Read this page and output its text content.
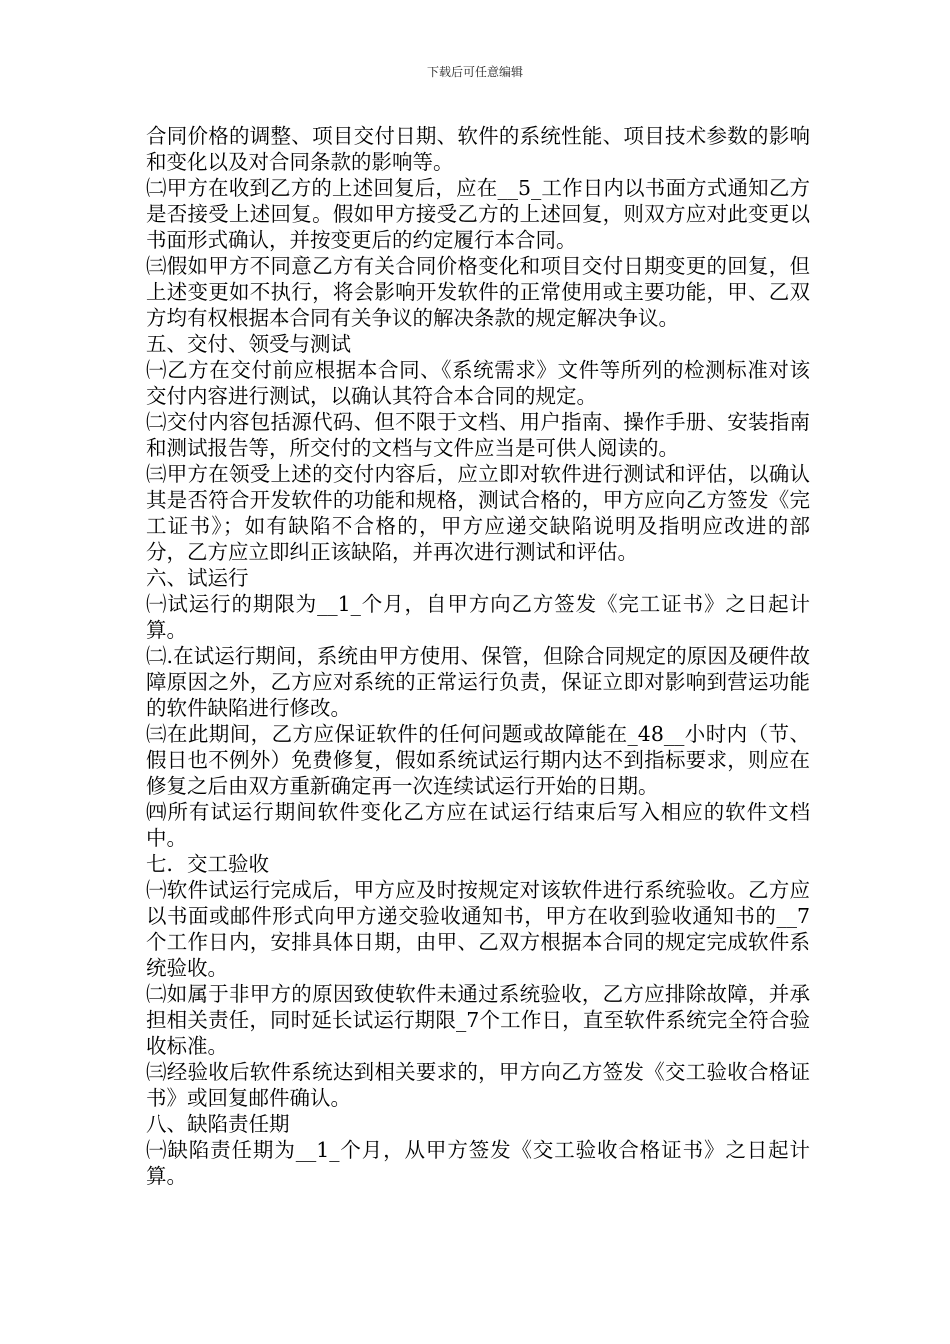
下载后可任意编辑

合同价格的调整、项目交付日期、软件的系统性能、项目技术参数的影响和变化以及对合同条款的影响等。

㈡甲方在收到乙方的上述回复后，应在__5_工作日内以书面方式通知乙方是否接受上述回复。假如甲方接受乙方的上述回复，则双方应对此变更以书面形式确认，并按变更后的约定履行本合同。

㈢假如甲方不同意乙方有关合同价格变化和项目交付日期变更的回复，但上述变更如不执行，将会影响开发软件的正常使用或主要功能，甲、乙双方均有权根据本合同有关争议的解决条款的规定解决争议。

五、交付、领受与测试

㈠乙方在交付前应根据本合同、《系统需求》文件等所列的检测标准对该交付内容进行测试，以确认其符合本合同的规定。

㈡交付内容包括源代码、但不限于文档、用户指南、操作手册、安装指南和测试报告等，所交付的文档与文件应当是可供人阅读的。

㈢甲方在领受上述的交付内容后，应立即对软件进行测试和评估，以确认其是否符合开发软件的功能和规格，测试合格的，甲方应向乙方签发《完工证书》；如有缺陷不合格的，甲方应递交缺陷说明及指明应改进的部分，乙方应立即纠正该缺陷，并再次进行测试和评估。

六、试运行

㈠试运行的期限为__1_个月，自甲方向乙方签发《完工证书》之日起计算。

㈡.在试运行期间，系统由甲方使用、保管，但除合同规定的原因及硬件故障原因之外，乙方应对系统的正常运行负责，保证立即对影响到营运功能的软件缺陷进行修改。

㈢在此期间，乙方应保证软件的任何问题或故障能在_48__小时内（节、假日也不例外）免费修复，假如系统试运行期内达不到指标要求，则应在修复之后由双方重新确定再一次连续试运行开始的日期。

㈣所有试运行期间软件变化乙方应在试运行结束后写入相应的软件文档中。

七．交工验收

㈠软件试运行完成后，甲方应及时按规定对该软件进行系统验收。乙方应以书面或邮件形式向甲方递交验收通知书，甲方在收到验收通知书的__7个工作日内，安排具体日期，由甲、乙双方根据本合同的规定完成软件系统验收。

㈡如属于非甲方的原因致使软件未通过系统验收，乙方应排除故障，并承担相关责任，同时延长试运行期限_7个工作日，直至软件系统完全符合验收标准。

㈢经验收后软件系统达到相关要求的，甲方向乙方签发《交工验收合格证书》或回复邮件确认。

八、缺陷责任期

㈠缺陷责任期为__1_个月，从甲方签发《交工验收合格证书》之日起计算。
